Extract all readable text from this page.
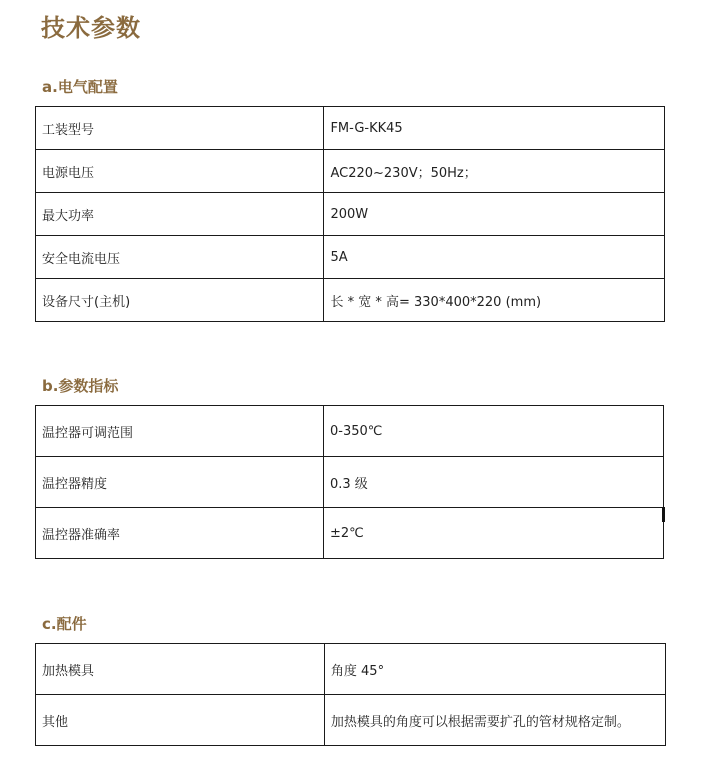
技术参数
a.电气配置
工装型号	FM-G-KK45
电源电压	AC220~230V；50Hz；
最大功率	200W
安全电流电压	5A
设备尺寸(主机)	长 * 宽 * 高= 330*400*220 (mm)
b.参数指标
温控器可调范围	0-350℃
温控器精度	0.3 级
温控器准确率	±2℃
c.配件
加热模具	角度 45°
其他	加热模具的角度可以根据需要扩孔的管材规格定制。
